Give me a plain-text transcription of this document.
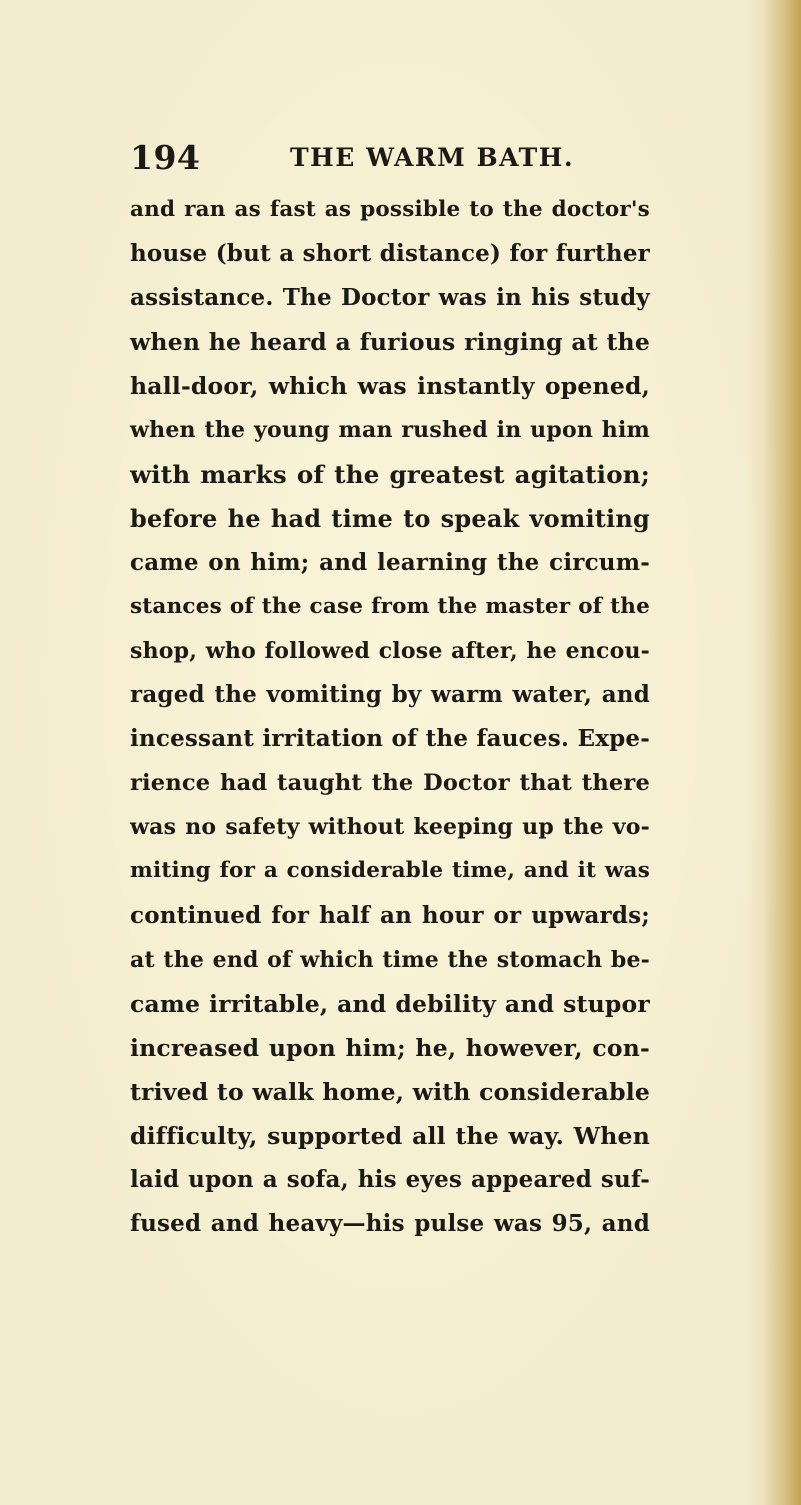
194	THE WARM BATH.
and ran as fast as possible to the doctor's
house (but a short distance) for further
assistance. The Doctor was in his study
when he heard a furious ringing at the
hall-door, which was instantly opened,
when the young man rushed in upon him
with marks of the greatest agitation;
before he had time to speak vomiting
came on him; and learning the circum-
stances of the case from the master of the
shop, who followed close after, he encou-
raged the vomiting by warm water, and
incessant irritation of the fauces. Expe-
rience had taught the Doctor that there
was no safety without keeping up the vo-
miting for a considerable time, and it was
continued for half an hour or upwards;
at the end of which time the stomach be-
came irritable, and debility and stupor
increased upon him; he, however, con-
trived to walk home, with considerable
difficulty, supported all the way. When
laid upon a sofa, his eyes appeared suf-
fused and heavy—his pulse was 95, and
